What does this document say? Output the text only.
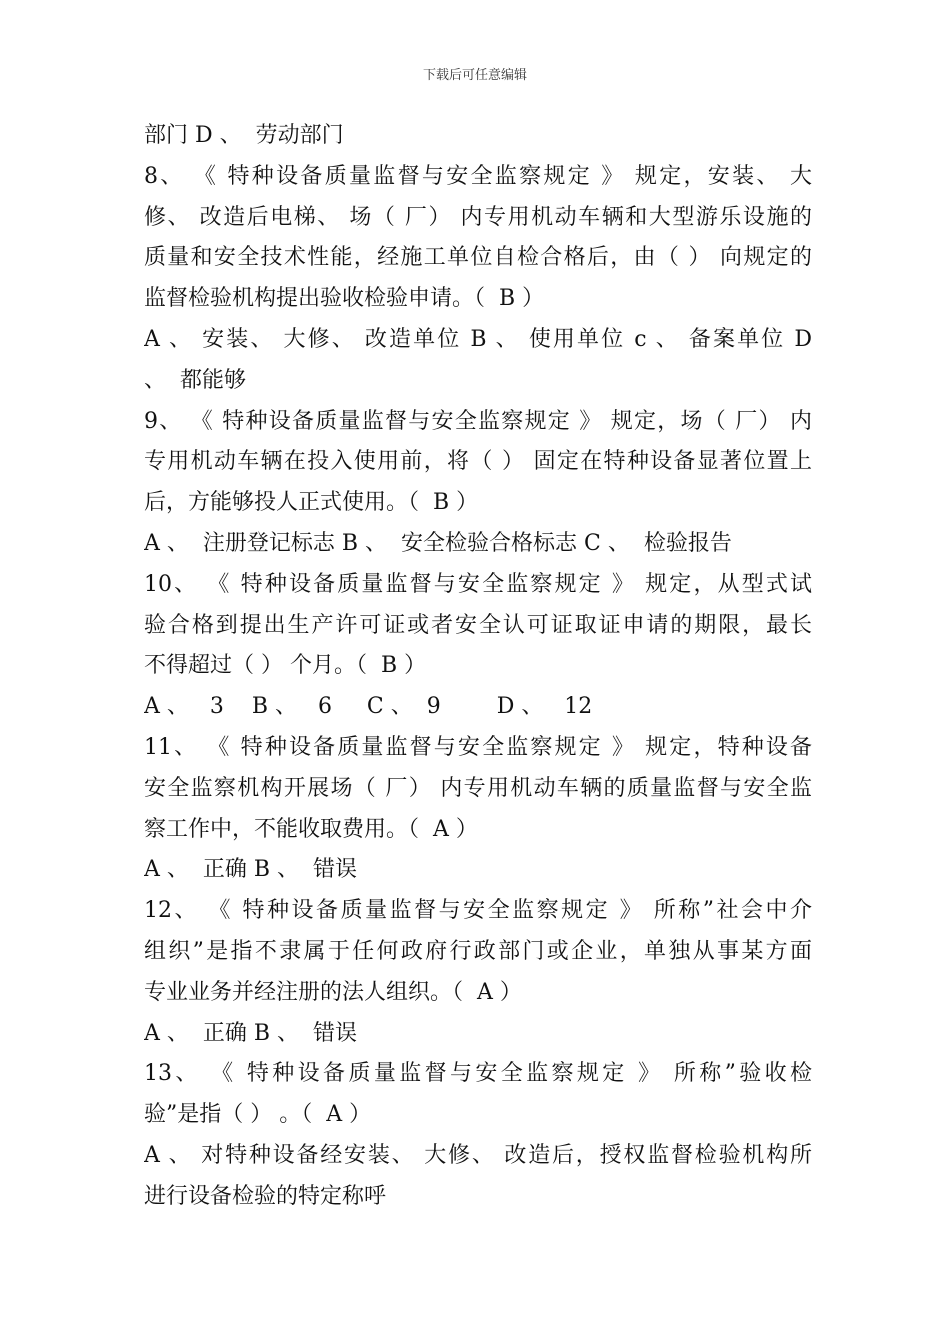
下载后可任意编辑
部门 D 、  劳动部门
8、 《 特种设备质量监督与安全监察规定 》 规定，安装、 大
修、 改造后电梯、 场（ 厂） 内专用机动车辆和大型游乐设施的
质量和安全技术性能，经施工单位自检合格后，由（ ） 向规定的
监督检验机构提出验收检验申请。（  B ）
A 、 安装、 大修、 改造单位 B 、 使用单位 c 、 备案单位 D
、  都能够
9、 《 特种设备质量监督与安全监察规定 》 规定，场（ 厂） 内
专用机动车辆在投入使用前，将（ ） 固定在特种设备显著位置上
后，方能够投人正式使用。（  B ）
A 、  注册登记标志 B 、  安全检验合格标志 C 、  检验报告
10、 《 特种设备质量监督与安全监察规定 》 规定，从型式试
验合格到提出生产许可证或者安全认可证取证申请的期限，最长
不得超过（ ） 个月。（  B ）
A 、   3    B 、   6     C 、  9        D 、   12
11、 《 特种设备质量监督与安全监察规定 》 规定，特种设备
安全监察机构开展场（ 厂） 内专用机动车辆的质量监督与安全监
察工作中，不能收取费用。（  A ）
A 、  正确 B 、  错误
12、 《 特种设备质量监督与安全监察规定 》 所称”社会中介
组织”是指不隶属于任何政府行政部门或企业，单独从事某方面
专业业务并经注册的法人组织。（  A ）
A 、  正确 B 、  错误
13、 《 特种设备质量监督与安全监察规定 》 所称”验收检
验”是指（ ） 。（  A ）
A 、 对特种设备经安装、 大修、 改造后，授权监督检验机构所
进行设备检验的特定称呼
